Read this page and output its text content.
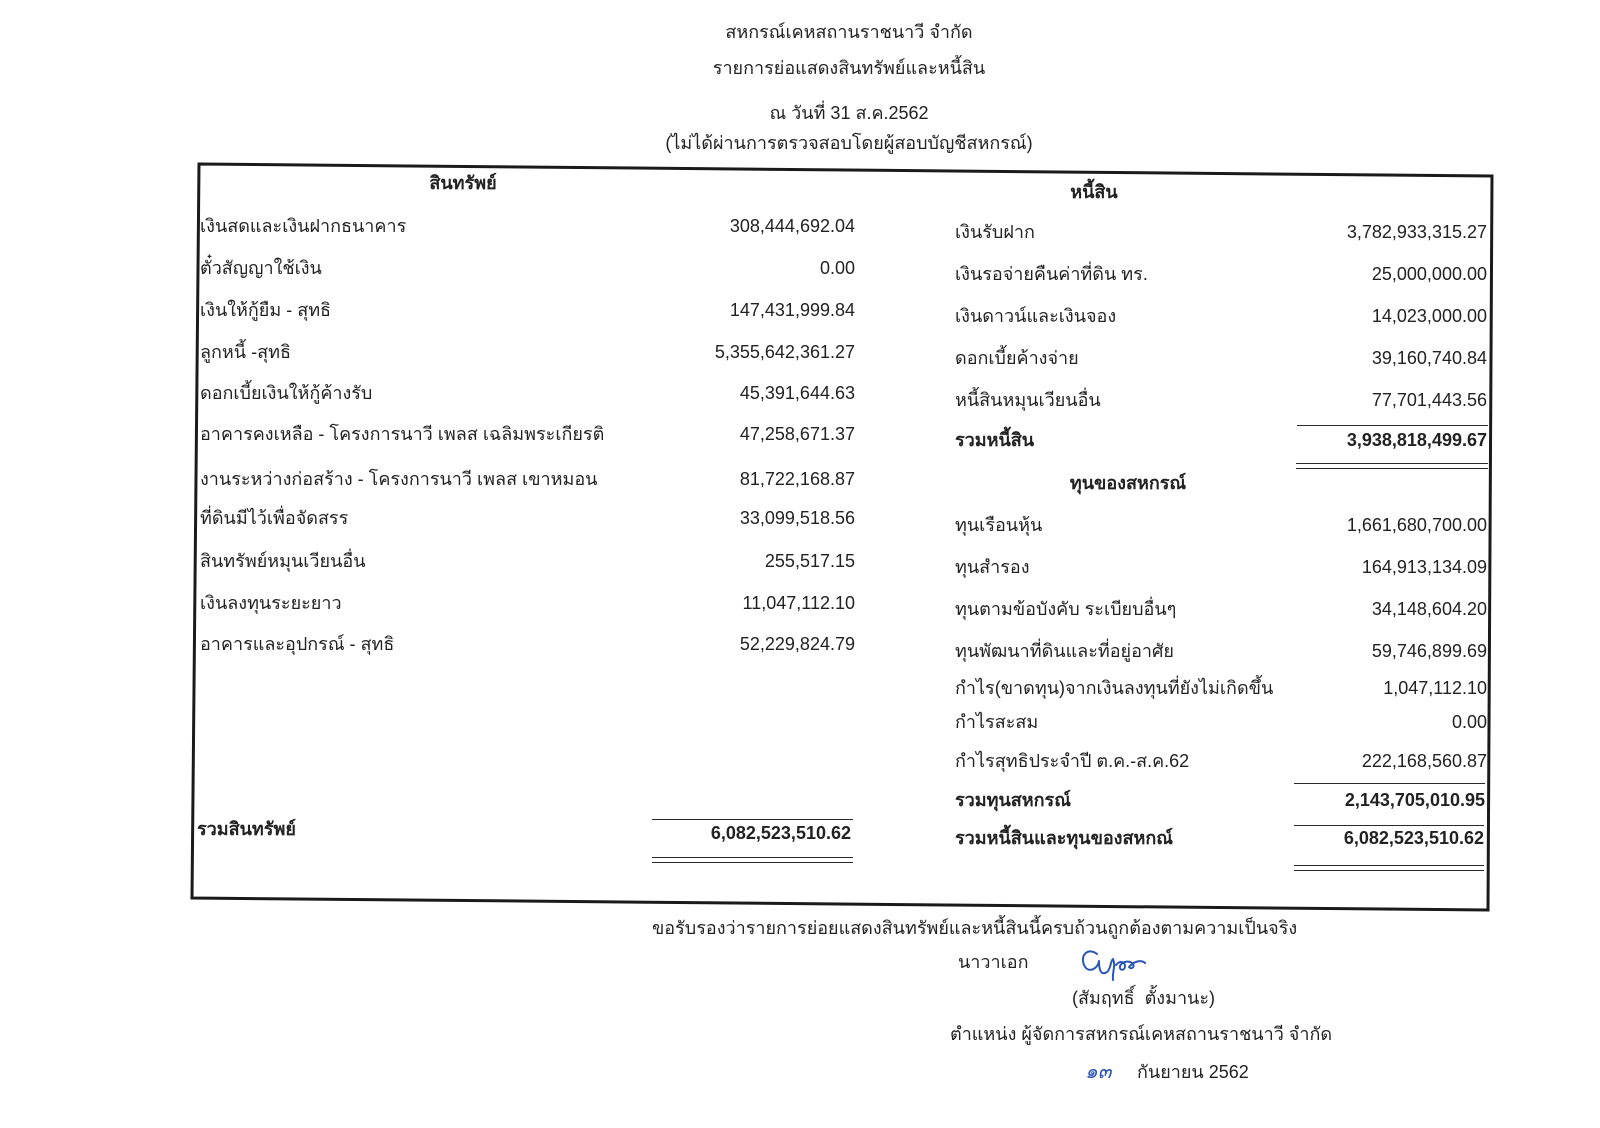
สหกรณ์เคหสถานราชนาวี จำกัด
รายการย่อแสดงสินทรัพย์และหนี้สิน
ณ วันที่ 31 ส.ค.2562
(ไม่ได้ผ่านการตรวจสอบโดยผู้สอบบัญชีสหกรณ์)
สินทรัพย์	หนี้สิน
ทุนของสหกรณ์
เงินสดและเงินฝากธนาคาร	308,444,692.04
ตั๋วสัญญาใช้เงิน	0.00
เงินให้กู้ยืม - สุทธิ	147,431,999.84
ลูกหนี้ -สุทธิ	5,355,642,361.27
ดอกเบี้ยเงินให้กู้ค้างรับ	45,391,644.63
อาคารคงเหลือ - โครงการนาวี เพลส เฉลิมพระเกียรติ	47,258,671.37
งานระหว่างก่อสร้าง - โครงการนาวี เพลส เขาหมอน	81,722,168.87
ที่ดินมีไว้เพื่อจัดสรร	33,099,518.56
สินทรัพย์หมุนเวียนอื่น	255,517.15
เงินลงทุนระยะยาว	11,047,112.10
อาคารและอุปกรณ์ - สุทธิ	52,229,824.79
รวมสินทรัพย์	6,082,523,510.62
เงินรับฝาก	3,782,933,315.27
เงินรอจ่ายคืนค่าที่ดิน ทร.	25,000,000.00
เงินดาวน์และเงินจอง	14,023,000.00
ดอกเบี้ยค้างจ่าย	39,160,740.84
หนี้สินหมุนเวียนอื่น	77,701,443.56
รวมหนี้สิน	3,938,818,499.67
ทุนเรือนหุ้น	1,661,680,700.00
ทุนสำรอง	164,913,134.09
ทุนตามข้อบังคับ ระเบียบอื่นๆ	34,148,604.20
ทุนพัฒนาที่ดินและที่อยู่อาศัย	59,746,899.69
กำไร(ขาดทุน)จากเงินลงทุนที่ยังไม่เกิดขึ้น	1,047,112.10
กำไรสะสม	0.00
กำไรสุทธิประจำปี ต.ค.-ส.ค.62	222,168,560.87
รวมทุนสหกรณ์	2,143,705,010.95
รวมหนี้สินและทุนของสหกณ์	6,082,523,510.62
ขอรับรองว่ารายการย่อยแสดงสินทรัพย์และหนี้สินนี้ครบถ้วนถูกต้องตามความเป็นจริง
นาวาเอก
(สัมฤทธิ์  ตั้งมานะ)
ตำแหน่ง ผู้จัดการสหกรณ์เคหสถานราชนาวี จำกัด
๑๓ กันยายน 2562
